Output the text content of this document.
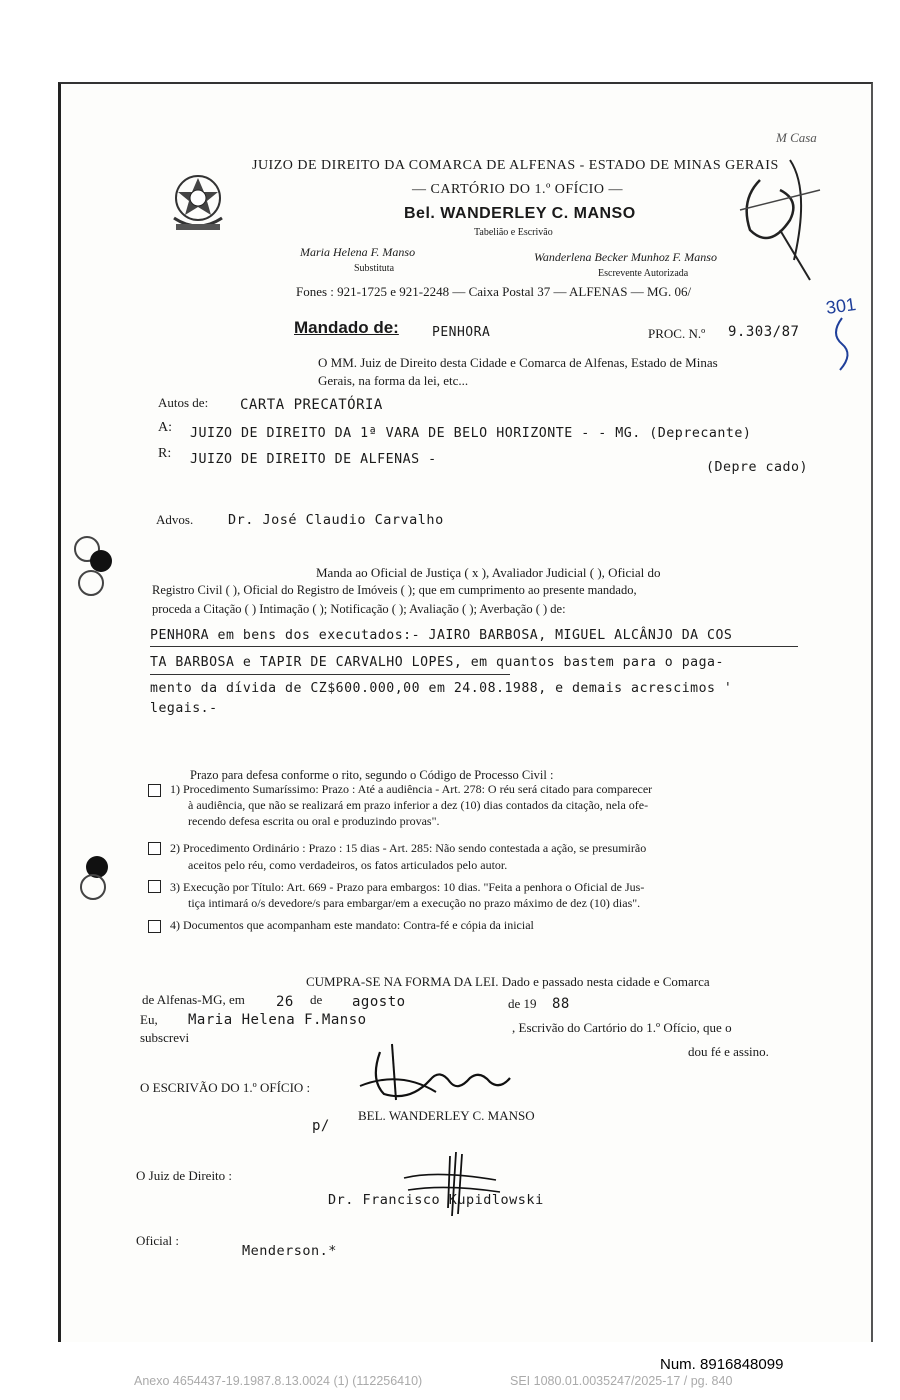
JUIZO DE DIREITO DA COMARCA DE ALFENAS - ESTADO DE MINAS GERAIS
— CARTÓRIO DO 1.º OFÍCIO —
Bel. WANDERLEY C. MANSO
Tabelião e Escrivão
Maria Helena F. Manso
Substituta
Wanderlena Becker Munhoz F. Manso
Escrevente Autorizada
Fones : 921-1725 e 921-2248 — Caixa Postal 37 — ALFENAS — MG. 06/
Mandado de:	PENHORA	PROC. N.º 9.303/87
O MM. Juiz de Direito desta Cidade e Comarca de Alfenas, Estado de Minas
Gerais, na forma da lei, etc...
Autos de: CARTA PRECATÓRIA
A: JUIZO DE DIREITO DA 1ª VARA DE BELO HORIZONTE - - MG. (Deprecante)
R: JUIZO DE DIREITO DE ALFENAS -
(Depre cado)
Advos.	Dr. José Claudio Carvalho
Manda ao Oficial de Justiça ( x ), Avaliador Judicial ( ), Oficial do
Registro Civil ( ), Oficial do Registro de Imóveis ( ); que em cumprimento ao presente mandado,
proceda a Citação ( ) Intimação ( ); Notificação ( ); Avaliação ( ); Averbação ( ) de:
PENHORA em bens dos executados:- JAIRO BARBOSA, MIGUEL ALCÂNJO DA COS
TA BARBOSA e TAPIR DE CARVALHO LOPES, em quantos bastem para o paga-
mento da dívida de CZ$600.000,00 em 24.08.1988, e demais acrescimos '
legais.-
Prazo para defesa conforme o rito, segundo o Código de Processo Civil :
1) Procedimento Sumaríssimo: Prazo : Até a audiência - Art. 278: O réu será citado para comparecer
à audiência, que não se realizará em prazo inferior a dez (10) dias contados da citação, nela ofe-
recendo defesa escrita ou oral e produzindo provas".
2) Procedimento Ordinário : Prazo : 15 dias - Art. 285: Não sendo contestada a ação, se presumirão
aceitos pelo réu, como verdadeiros, os fatos articulados pelo autor.
3) Execução por Título: Art. 669 - Prazo para embargos: 10 dias. "Feita a penhora o Oficial de Jus-
tiça intimará o/s devedore/s para embargar/em a execução no prazo máximo de dez (10) dias".
4) Documentos que acompanham este mandato: Contra-fé e cópia da inicial
CUMPRA-SE NA FORMA DA LEI. Dado e passado nesta cidade e Comarca
de Alfenas-MG, em 26 de agosto	de 19 88
Eu, Maria Helena F.Manso	, Escrivão do Cartório do 1.º Ofício, que o
subscrevi
dou fé e assino.
O ESCRIVÃO DO 1.º OFÍCIO :
BEL. WANDERLEY C. MANSO
p/
O Juiz de Direito :
Dr. Francisco Kupidlowski
Oficial :
Menderson.*
M Casa
301
Num. 8916848099
Anexo 4654437-19.1987.8.13.0024 (1) (112256410)	SEI 1080.01.0035247/2025-17 / pg. 840
